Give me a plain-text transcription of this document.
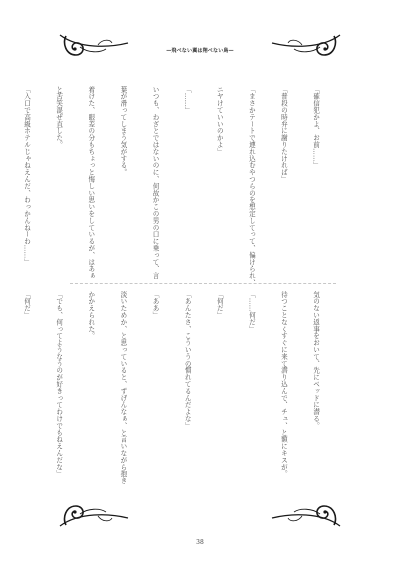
—飛べない翼は翔べない鳥—

「確信犯かよ、お前……」

「普段の時弁に謝りたければ」

「まさかテートで連れ込むやつらのを想定してって、偏けられ、

ニヤけていいのかよ」

「……」

いつも、わざとではないのに、何故かこの男の口に乗って、言

葉が滑ってしまう気がする。

着けた、眼差の分もちょっと悔しい思いをしているが、はあぁ

と苦笑混ぜ直した。

「入口で高級ホテルじゃねえんだ、わっかんねーわ……」

気のない返事をおいて、先にベッドに潜る。

待つことなくすぐに来て潜り込んで、チュ、と額にキスが。

「……何だ」

「何だ」

「あんたさ、こういうの慣れてるんだよな」

「ああ」

淡いためか、と思っていると、ずげんなぁ、と言いながら抱き

かかえられた。

「でも、何ってようなうのが好きってわけでもねえんだな」

「何だ」

38
